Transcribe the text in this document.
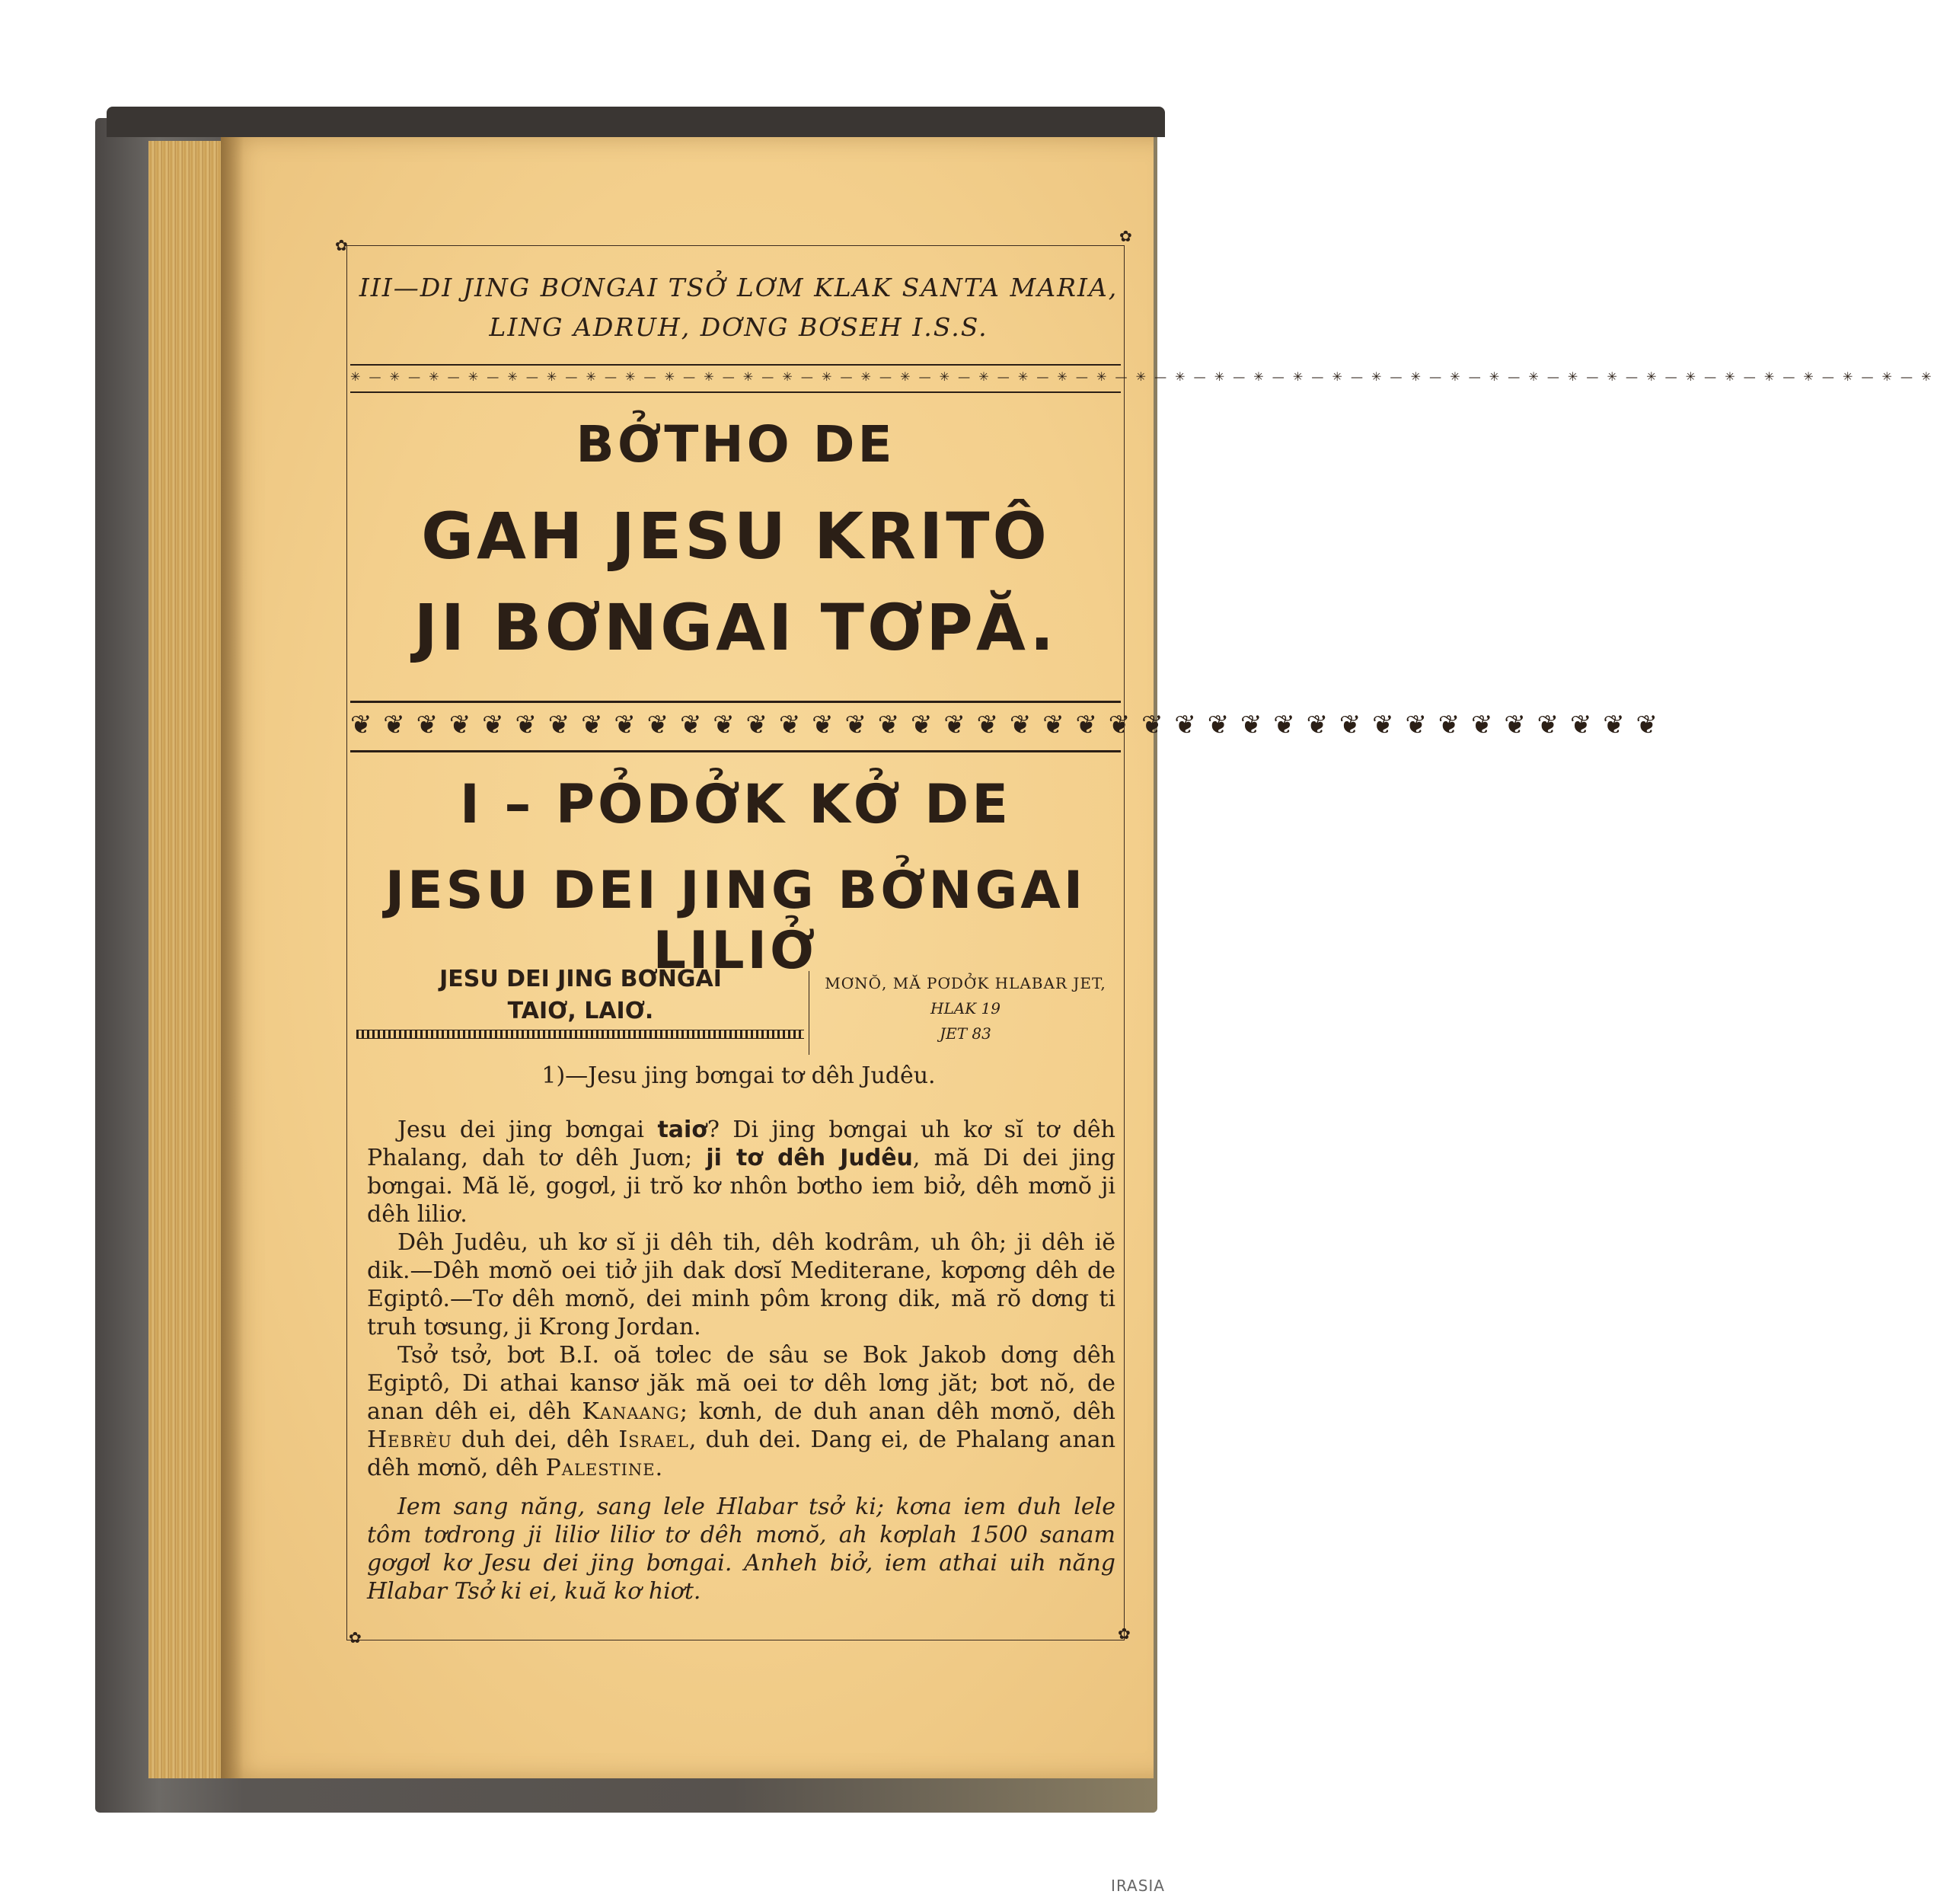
✿	✿
✿	✿
III—DI JING BƠNGAI TSỞ LƠM KLAK SANTA MARIA,
LING ADRUH, DƠNG BƠSEH I.S.S.
✳ — ✳ — ✳ — ✳ — ✳ — ✳ — ✳ — ✳ — ✳ — ✳ — ✳ — ✳ — ✳ — ✳ — ✳ — ✳ — ✳ — ✳ — ✳ — ✳ — ✳ — ✳ — ✳ — ✳ — ✳ — ✳ — ✳ — ✳ — ✳ — ✳ — ✳ — ✳ — ✳ — ✳ — ✳ — ✳ — ✳ — ✳ — ✳ — ✳ — ✳
BỞTHO DE
GAH JESU KRITÔ
JI BƠNGAI TƠPĂ.
❦ ❦ ❦ ❦ ❦ ❦ ❦ ❦ ❦ ❦ ❦ ❦ ❦ ❦ ❦ ❦ ❦ ❦ ❦ ❦ ❦ ❦ ❦ ❦ ❦ ❦ ❦ ❦ ❦ ❦ ❦ ❦ ❦ ❦ ❦ ❦ ❦ ❦ ❦ ❦
I – PỎDỞK KỞ DE
JESU DEI JING BỞNGAI LILIỞ
JESU DEI JING BƠNGAI
TAIƠ, LAIƠ.
MƠNŎ, MĂ PƠDỞK HLABAR JET,
HLAK 19
JET 83
1)—Jesu jing bơngai tơ dêh Judêu.

Jesu dei jing bơngai taiơ? Di jing bơngai uh kơ sĭ tơ dêh Phalang, dah tơ dêh Juơn; ji tơ dêh Judêu, mă Di dei jing bơngai. Mă lĕ, gogơl, ji trŏ kơ nhôn bơtho iem biở, dêh mơnŏ ji dêh liliơ.

Dêh Judêu, uh kơ sĭ ji dêh tih, dêh kodrâm, uh ôh; ji dêh iĕ dik.—Dêh mơnŏ oei tiở jih dak dơsĭ Mediterane, kơpơng dêh de Egiptô.—Tơ dêh mơnŏ, dei minh pôm krong dik, mă rŏ dơng ti truh tơsung, ji Krong Jordan.

Tsở tsở, bơt B.I. oă tơlec de sâu se Bok Jakob dơng dêh Egiptô, Di athai kansơ jăk mă oei tơ dêh lơng jăt; bơt nŏ, de anan dêh ei, dêh Kanaang; kơnh, de duh anan dêh mơnŏ, dêh Hebrèu duh dei, dêh Israel, duh dei. Dang ei, de Phalang anan dêh mơnŏ, dêh Palestine.

Iem sang năng, sang lele Hlabar tsở ki; kơna iem duh lele tôm tơdrong ji liliơ liliơ tơ dêh mơnŏ, ah kơplah 1500 sanam gơgơl kơ Jesu dei jing bơngai. Anheh biở, iem athai uih năng Hlabar Tsở ki ei, kuă kơ hiơt.
IRASIA
